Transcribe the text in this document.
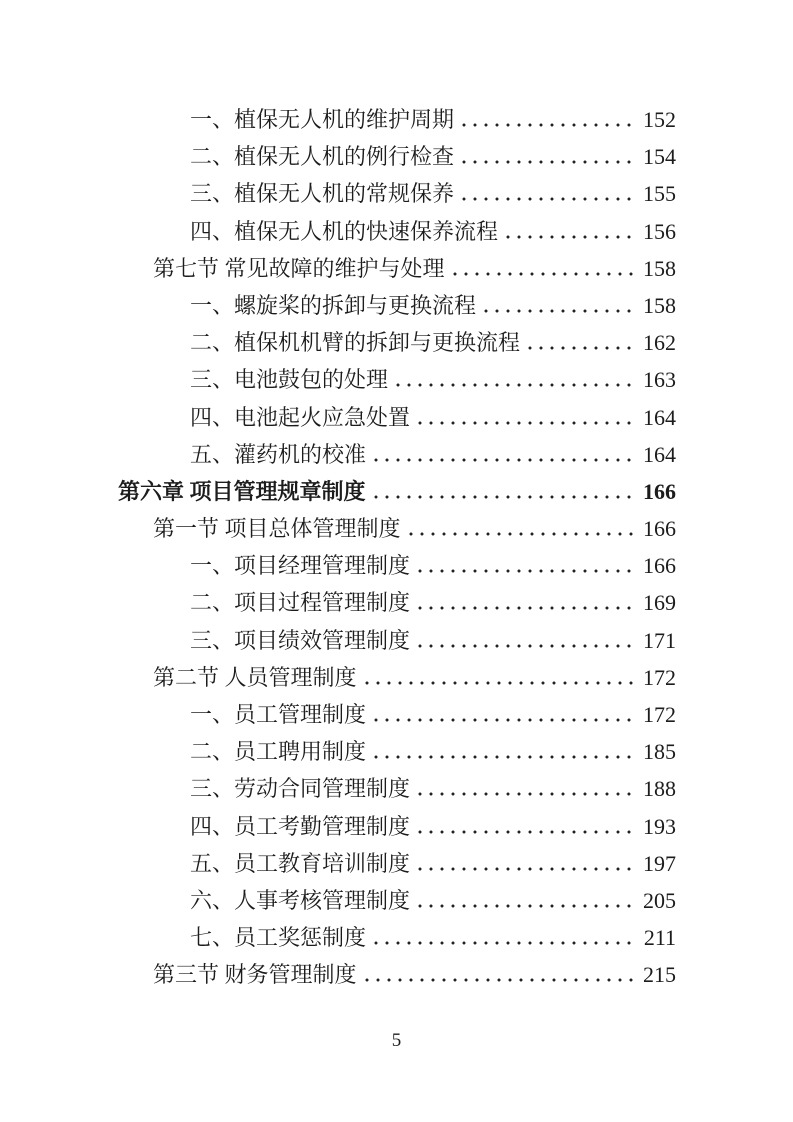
一、植保无人机的维护周期	152
二、植保无人机的例行检查	154
三、植保无人机的常规保养	155
四、植保无人机的快速保养流程	156
第七节 常见故障的维护与处理	158
一、螺旋桨的拆卸与更换流程	158
二、植保机机臂的拆卸与更换流程	162
三、电池鼓包的处理	163
四、电池起火应急处置	164
五、灌药机的校准	164
第六章 项目管理规章制度	166
第一节 项目总体管理制度	166
一、项目经理管理制度	166
二、项目过程管理制度	169
三、项目绩效管理制度	171
第二节 人员管理制度	172
一、员工管理制度	172
二、员工聘用制度	185
三、劳动合同管理制度	188
四、员工考勤管理制度	193
五、员工教育培训制度	197
六、人事考核管理制度	205
七、员工奖惩制度	211
第三节 财务管理制度	215
5
